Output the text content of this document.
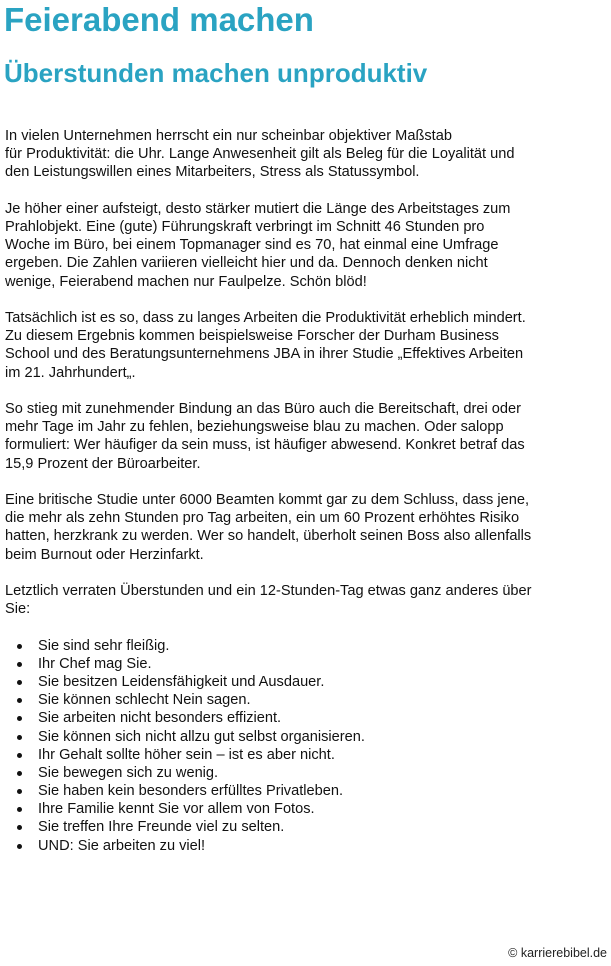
Feierabend machen
Überstunden machen unproduktiv

In vielen Unternehmen herrscht ein nur scheinbar objektiver Maßstab
für Produktivität: die Uhr. Lange Anwesenheit gilt als Beleg für die Loyalität und
den Leistungswillen eines Mitarbeiters, Stress als Statussymbol.

Je höher einer aufsteigt, desto stärker mutiert die Länge des Arbeitstages zum
Prahlobjekt. Eine (gute) Führungskraft verbringt im Schnitt 46 Stunden pro
Woche im Büro, bei einem Topmanager sind es 70, hat einmal eine Umfrage
ergeben. Die Zahlen variieren vielleicht hier und da. Dennoch denken nicht
wenige, Feierabend machen nur Faulpelze. Schön blöd!

Tatsächlich ist es so, dass zu langes Arbeiten die Produktivität erheblich mindert.
Zu diesem Ergebnis kommen beispielsweise Forscher der Durham Business
School und des Beratungsunternehmens JBA in ihrer Studie „Effektives Arbeiten
im 21. Jahrhundert„.

So stieg mit zunehmender Bindung an das Büro auch die Bereitschaft, drei oder
mehr Tage im Jahr zu fehlen, beziehungsweise blau zu machen. Oder salopp
formuliert: Wer häufiger da sein muss, ist häufiger abwesend. Konkret betraf das
15,9 Prozent der Büroarbeiter.

Eine britische Studie unter 6000 Beamten kommt gar zu dem Schluss, dass jene,
die mehr als zehn Stunden pro Tag arbeiten, ein um 60 Prozent erhöhtes Risiko
hatten, herzkrank zu werden. Wer so handelt, überholt seinen Boss also allenfalls
beim Burnout oder Herzinfarkt.

Letztlich verraten Überstunden und ein 12-Stunden-Tag etwas ganz anderes über
Sie:

Sie sind sehr fleißig.
Ihr Chef mag Sie.
Sie besitzen Leidensfähigkeit und Ausdauer.
Sie können schlecht Nein sagen.
Sie arbeiten nicht besonders effizient.
Sie können sich nicht allzu gut selbst organisieren.
Ihr Gehalt sollte höher sein – ist es aber nicht.
Sie bewegen sich zu wenig.
Sie haben kein besonders erfülltes Privatleben.
Ihre Familie kennt Sie vor allem von Fotos.
Sie treffen Ihre Freunde viel zu selten.
UND: Sie arbeiten zu viel!
© karrierebibel.de
